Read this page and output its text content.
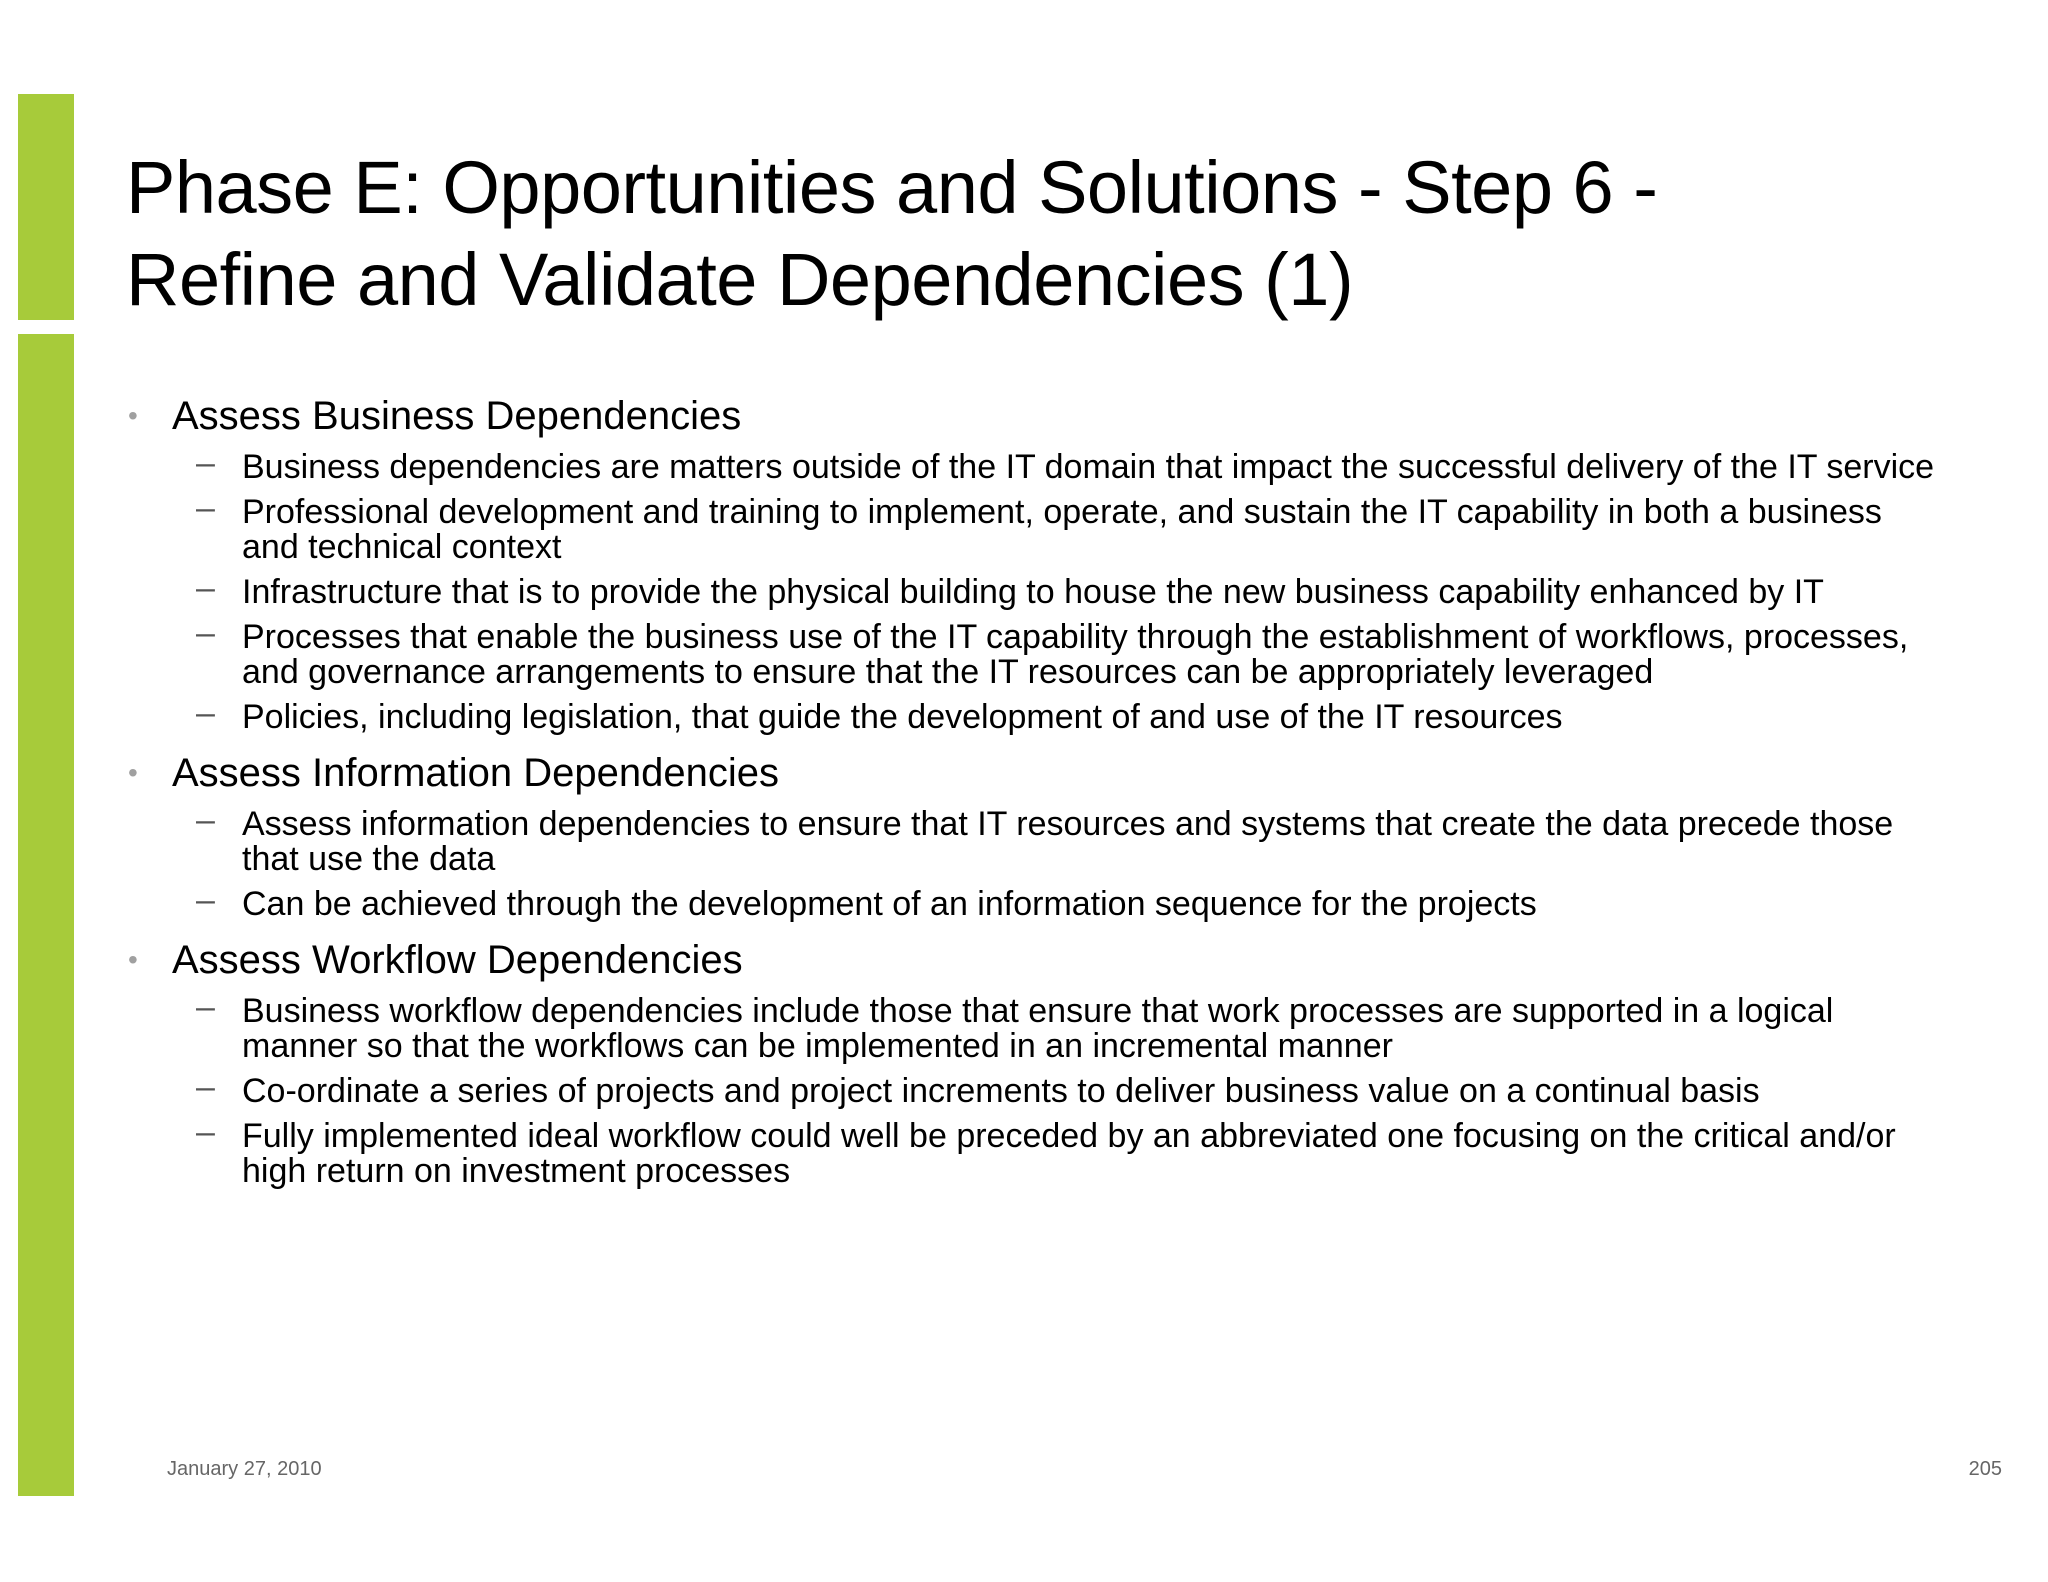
Phase E: Opportunities and Solutions - Step 6 - Refine and Validate Dependencies (1)
• Assess Business Dependencies
– Business dependencies are matters outside of the IT domain that impact the successful delivery of the IT service
– Professional development and training to implement, operate, and sustain the IT capability in both a business and technical context
– Infrastructure that is to provide the physical building to house the new business capability enhanced by IT
– Processes that enable the business use of the IT capability through the establishment of workflows, processes, and governance arrangements to ensure that the IT resources can be appropriately leveraged
– Policies, including legislation, that guide the development of and use of the IT resources
• Assess Information Dependencies
– Assess information dependencies to ensure that IT resources and systems that create the data precede those that use the data
– Can be achieved through the development of an information sequence for the projects
• Assess Workflow Dependencies
– Business workflow dependencies include those that ensure that work processes are supported in a logical manner so that the workflows can be implemented in an incremental manner
– Co-ordinate a series of projects and project increments to deliver business value on a continual basis
– Fully implemented ideal workflow could well be preceded by an abbreviated one focusing on the critical and/or high return on investment processes
January 27, 2010	205
